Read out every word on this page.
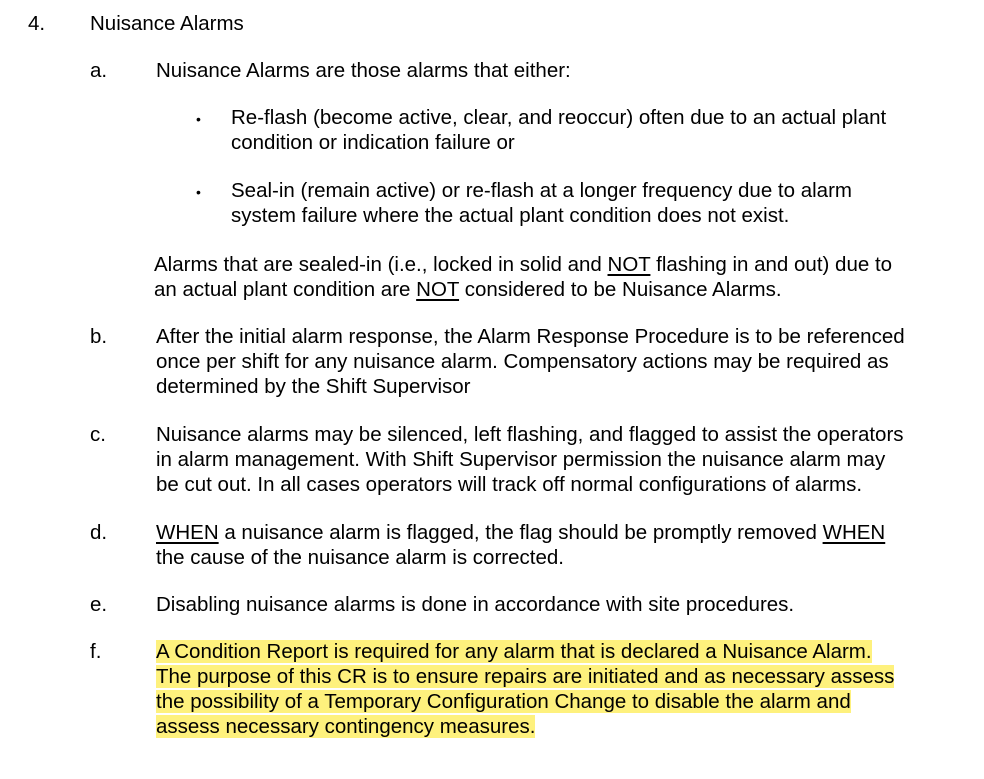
4. Nuisance Alarms
a. Nuisance Alarms are those alarms that either:
• Re-flash (become active, clear, and reoccur) often due to an actual plant
condition or indication failure or
• Seal-in (remain active) or re-flash at a longer frequency due to alarm
system failure where the actual plant condition does not exist.
Alarms that are sealed-in (i.e., locked in solid and NOT flashing in and out) due to
an actual plant condition are NOT considered to be Nuisance Alarms.
b. After the initial alarm response, the Alarm Response Procedure is to be referenced
once per shift for any nuisance alarm. Compensatory actions may be required as
determined by the Shift Supervisor
c. Nuisance alarms may be silenced, left flashing, and flagged to assist the operators
in alarm management. With Shift Supervisor permission the nuisance alarm may
be cut out. In all cases operators will track off normal configurations of alarms.
d. WHEN a nuisance alarm is flagged, the flag should be promptly removed WHEN
the cause of the nuisance alarm is corrected.
e. Disabling nuisance alarms is done in accordance with site procedures.
f.	A Condition Report is required for any alarm that is declared a Nuisance Alarm.
The purpose of this CR is to ensure repairs are initiated and as necessary assess
the possibility of a Temporary Configuration Change to disable the alarm and
assess necessary contingency measures.
